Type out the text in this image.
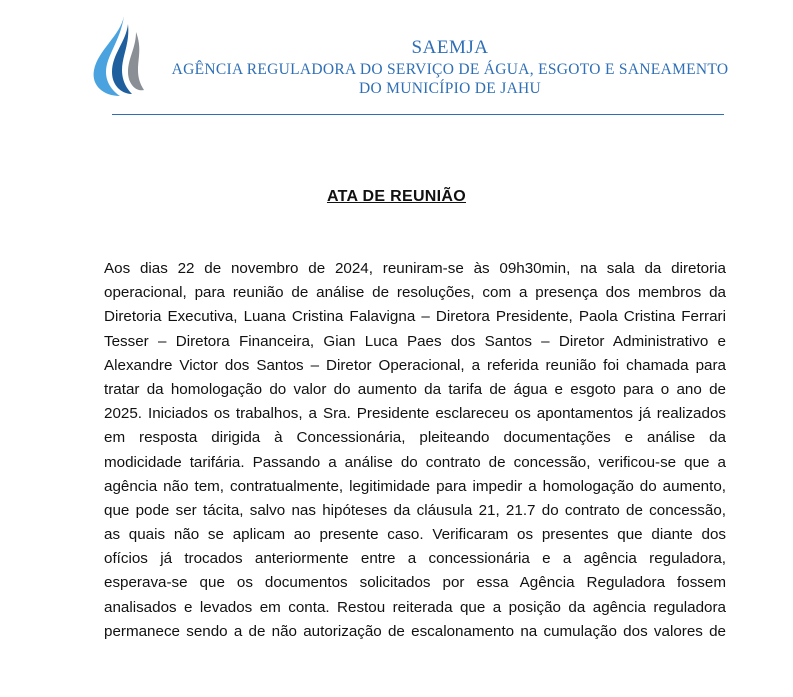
SAEMJA
AGÊNCIA REGULADORA DO SERVIÇO DE ÁGUA, ESGOTO E SANEAMENTO
DO MUNICÍPIO DE JAHU
ATA DE REUNIÃO
Aos dias 22 de novembro de 2024, reuniram-se às 09h30min, na sala da diretoria
operacional, para reunião de análise de resoluções, com a presença dos membros da
Diretoria Executiva, Luana Cristina Falavigna – Diretora Presidente, Paola Cristina Ferrari
Tesser – Diretora Financeira, Gian Luca Paes dos Santos – Diretor Administrativo e
Alexandre Victor dos Santos – Diretor Operacional, a referida reunião foi chamada para
tratar da homologação do valor do aumento da tarifa de água e esgoto para o ano de
2025. Iniciados os trabalhos, a Sra. Presidente esclareceu os apontamentos já realizados
em resposta dirigida à Concessionária, pleiteando documentações e análise da
modicidade tarifária. Passando a análise do contrato de concessão, verificou-se que a
agência não tem, contratualmente, legitimidade para impedir a homologação do aumento,
que pode ser tácita, salvo nas hipóteses da cláusula 21, 21.7 do contrato de concessão,
as quais não se aplicam ao presente caso. Verificaram os presentes que diante dos
ofícios já trocados anteriormente entre a concessionária e a agência reguladora,
esperava-se que os documentos solicitados por essa Agência Reguladora fossem
analisados e levados em conta. Restou reiterada que a posição da agência reguladora
permanece sendo a de não autorização de escalonamento na cumulação dos valores de
